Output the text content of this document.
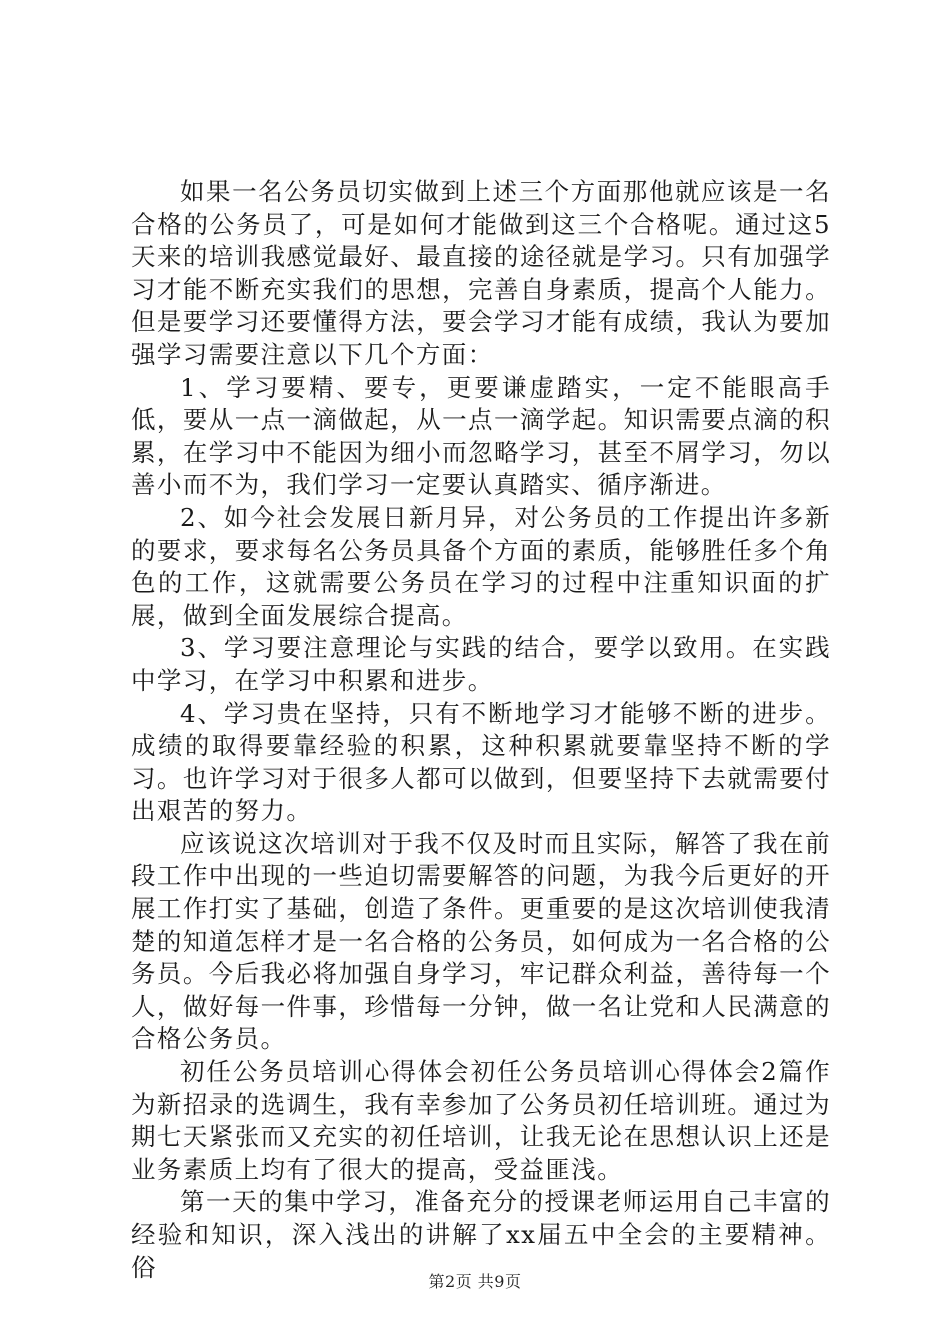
如果一名公务员切实做到上述三个方面那他就应该是一名合格的公务员了，可是如何才能做到这三个合格呢。通过这5天来的培训我感觉最好、最直接的途径就是学习。只有加强学习才能不断充实我们的思想，完善自身素质，提高个人能力。但是要学习还要懂得方法，要会学习才能有成绩，我认为要加强学习需要注意以下几个方面：

1、学习要精、要专，更要谦虚踏实，一定不能眼高手低，要从一点一滴做起，从一点一滴学起。知识需要点滴的积累，在学习中不能因为细小而忽略学习，甚至不屑学习，勿以善小而不为，我们学习一定要认真踏实、循序渐进。

2、如今社会发展日新月异，对公务员的工作提出许多新的要求，要求每名公务员具备个方面的素质，能够胜任多个角色的工作，这就需要公务员在学习的过程中注重知识面的扩展，做到全面发展综合提高。

3、学习要注意理论与实践的结合，要学以致用。在实践中学习，在学习中积累和进步。

4、学习贵在坚持，只有不断地学习才能够不断的进步。成绩的取得要靠经验的积累，这种积累就要靠坚持不断的学习。也许学习对于很多人都可以做到，但要坚持下去就需要付出艰苦的努力。

应该说这次培训对于我不仅及时而且实际，解答了我在前段工作中出现的一些迫切需要解答的问题，为我今后更好的开展工作打实了基础，创造了条件。更重要的是这次培训使我清楚的知道怎样才是一名合格的公务员，如何成为一名合格的公务员。今后我必将加强自身学习，牢记群众利益，善待每一个人，做好每一件事，珍惜每一分钟，做一名让党和人民满意的合格公务员。

初任公务员培训心得体会初任公务员培训心得体会2篇作为新招录的选调生，我有幸参加了公务员初任培训班。通过为期七天紧张而又充实的初任培训，让我无论在思想认识上还是业务素质上均有了很大的提高，受益匪浅。

第一天的集中学习，准备充分的授课老师运用自己丰富的经验和知识，深入浅出的讲解了xx届五中全会的主要精神。俗	第2页 共9页
